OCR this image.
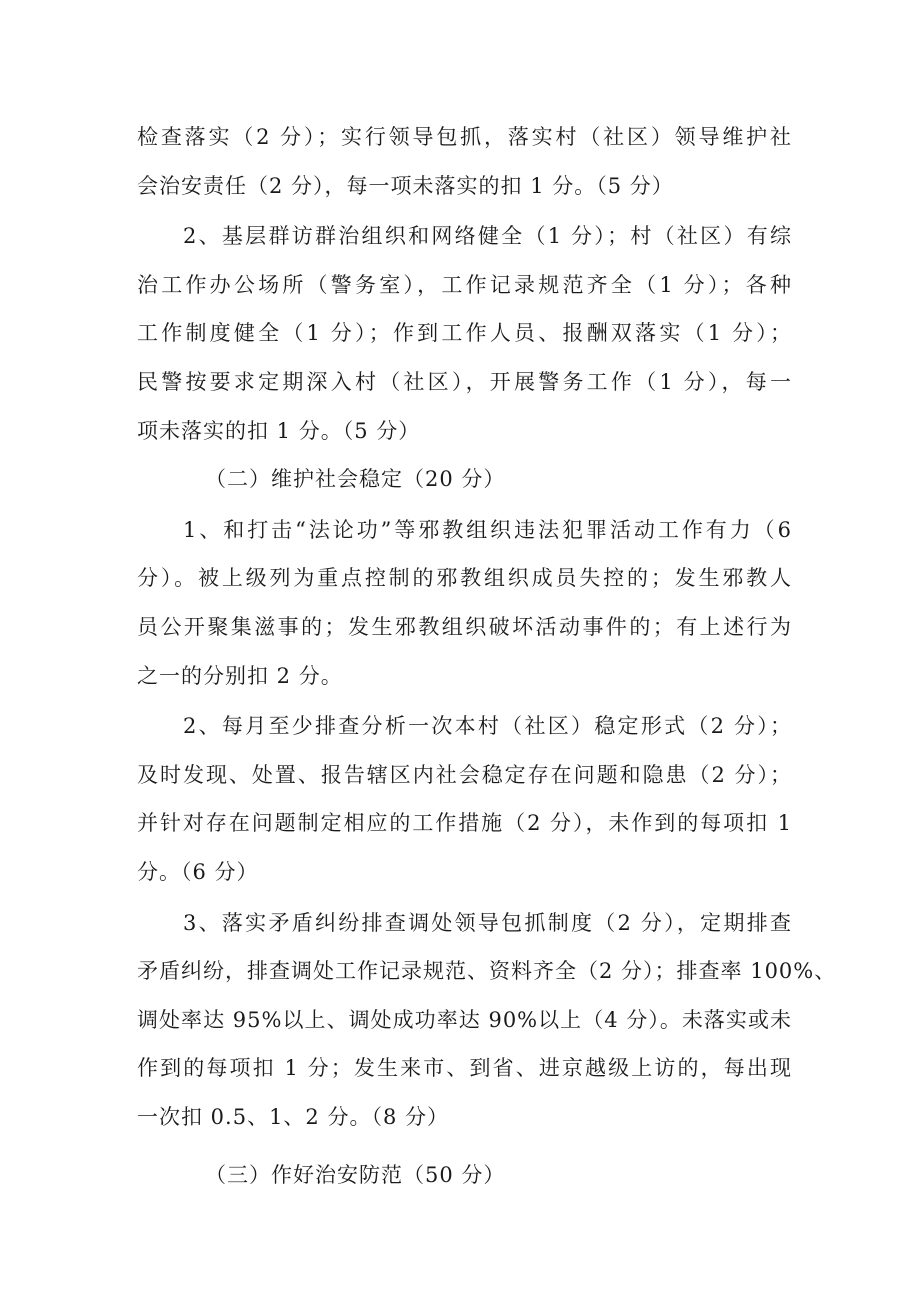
检查落实（2 分）；实行领导包抓，落实村（社区）领导维护社
会治安责任（2 分），每一项未落实的扣 1 分。（5 分）
2、基层群访群治组织和网络健全（1 分）；村（社区）有综
治工作办公场所（警务室），工作记录规范齐全（1 分）；各种
工作制度健全（1 分）；作到工作人员、报酬双落实（1 分）；
民警按要求定期深入村（社区），开展警务工作（1 分），每一
项未落实的扣 1 分。（5 分）
（二）维护社会稳定（20 分）
1、和打击“法论功”等邪教组织违法犯罪活动工作有力（6
分）。被上级列为重点控制的邪教组织成员失控的；发生邪教人
员公开聚集滋事的；发生邪教组织破坏活动事件的；有上述行为
之一的分别扣 2 分。
2、每月至少排查分析一次本村（社区）稳定形式（2 分）；
及时发现、处置、报告辖区内社会稳定存在问题和隐患（2 分）；
并针对存在问题制定相应的工作措施（2 分），未作到的每项扣 1
分。（6 分）
3、落实矛盾纠纷排查调处领导包抓制度（2 分），定期排查
矛盾纠纷，排查调处工作记录规范、资料齐全（2 分）；排查率 100%、
调处率达 95%以上、调处成功率达 90%以上（4 分）。未落实或未
作到的每项扣 1 分；发生来市、到省、进京越级上访的，每出现
一次扣 0.5、1、2 分。（8 分）
（三）作好治安防范（50 分）
